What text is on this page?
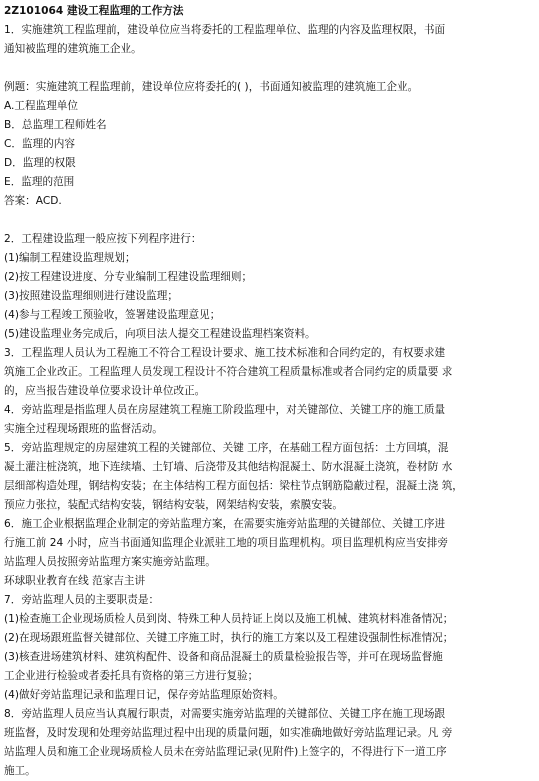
2Z101064 建设工程监理的工作方法
1．实施建筑工程监理前，建设单位应当将委托的工程监理单位、监理的内容及监理权限，书面
通知被监理的建筑施工企业。
例题：实施建筑工程监理前，建设单位应将委托的( )，书面通知被监理的建筑施工企业。
A.工程监理单位
B．总监理工程师姓名
C．监理的内容
D．监理的权限
E．监理的范围
答案：ACD.
2．工程建设监理一般应按下列程序进行：
(1)编制工程建设监理规划；
(2)按工程建设进度、分专业编制工程建设监理细则；
(3)按照建设监理细则进行建设监理；
(4)参与工程竣工预验收，签署建设监理意见；
(5)建设监理业务完成后，向项目法人提交工程建设监理档案资料。
3．工程监理人员认为工程施工不符合工程设计要求、施工技术标准和合同约定的，有权要求建
筑施工企业改正。工程监理人员发现工程设计不符合建筑工程质量标准或者合同约定的质量要 求
的，应当报告建设单位要求设计单位改正。
4．旁站监理是指监理人员在房屋建筑工程施工阶段监理中，对关键部位、关键工序的施工质量
实施全过程现场跟班的监督活动。
5．旁站监理规定的房屋建筑工程的关键部位、关键 工序，在基础工程方面包括：土方回填，混
凝土灌注桩浇筑，地下连续墙、土钉墙、后浇带及其他结构混凝土、防水混凝土浇筑，卷材防 水
层细部构造处理，钢结构安装；在主体结构工程方面包括：梁柱节点钢筋隐蔽过程，混凝土浇 筑，
预应力张拉，装配式结构安装，钢结构安装，网架结构安装，索膜安装。
6．施工企业根据监理企业制定的旁站监理方案，在需要实施旁站监理的关键部位、关键工序进
行施工前 24 小时，应当书面通知监理企业派驻工地的项目监理机构。项目监理机构应当安排旁
站监理人员按照旁站监理方案实施旁站监理。
环球职业教育在线 范家吉主讲
7．旁站监理人员的主要职责是：
(1)检查施工企业现场质检人员到岗、特殊工种人员持证上岗以及施工机械、建筑材料准备情况；
(2)在现场跟班监督关键部位、关键工序施工时，执行的施工方案以及工程建设强制性标准情况；
(3)核查进场建筑材料、建筑构配件、设备和商品混凝土的质量检验报告等，并可在现场监督施
工企业进行检验或者委托具有资格的第三方进行复验；
(4)做好旁站监理记录和监理日记，保存旁站监理原始资料。
8．旁站监理人员应当认真履行职责，对需要实施旁站监理的关键部位、关键工序在施工现场跟
班监督，及时发现和处理旁站监理过程中出现的质量问题，如实准确地做好旁站监理记录。凡 旁
站监理人员和施工企业现场质检人员未在旁站监理记录(见附件)上签字的，不得进行下一道工序
施工。
